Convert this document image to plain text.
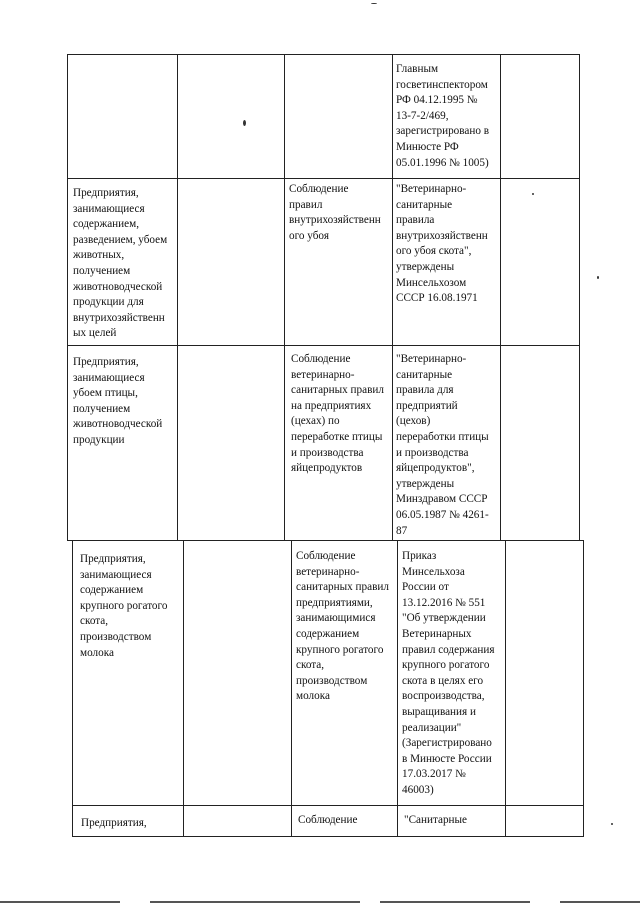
Главным
госветинспектором
РФ 04.12.1995 №
13-7-2/469,
зарегистрировано в
Минюсте РФ
05.01.1996 № 1005)
Предприятия,
занимающиеся
содержанием,
разведением, убоем
животных,
получением
животноводческой
продукции для
внутрихозяйственн
ых целей
Соблюдение
правил
внутрихозяйственн
ого убоя
"Ветеринарно-
санитарные
правила
внутрихозяйственн
ого убоя скота",
утверждены
Минсельхозом
СССР 16.08.1971
Предприятия,
занимающиеся
убоем птицы,
получением
животноводческой
продукции
Соблюдение
ветеринарно-
санитарных правил
на предприятиях
(цехах) по
переработке птицы
и производства
яйцепродуктов
"Ветеринарно-
санитарные
правила для
предприятий
(цехов)
переработки птицы
и производства
яйцепродуктов",
утверждены
Минздравом СССР
06.05.1987 № 4261-
87
Предприятия,
занимающиеся
содержанием
крупного рогатого
скота,
производством
молока
Соблюдение
ветеринарно-
санитарных правил
предприятиями,
занимающимися
содержанием
крупного рогатого
скота,
производством
молока
Приказ
Минсельхоза
России от
13.12.2016 № 551
"Об утверждении
Ветеринарных
правил содержания
крупного рогатого
скота в целях его
воспроизводства,
выращивания и
реализации"
(Зарегистрировано
в Минюсте России
17.03.2017 №
46003)
Предприятия,	Соблюдение	"Санитарные
